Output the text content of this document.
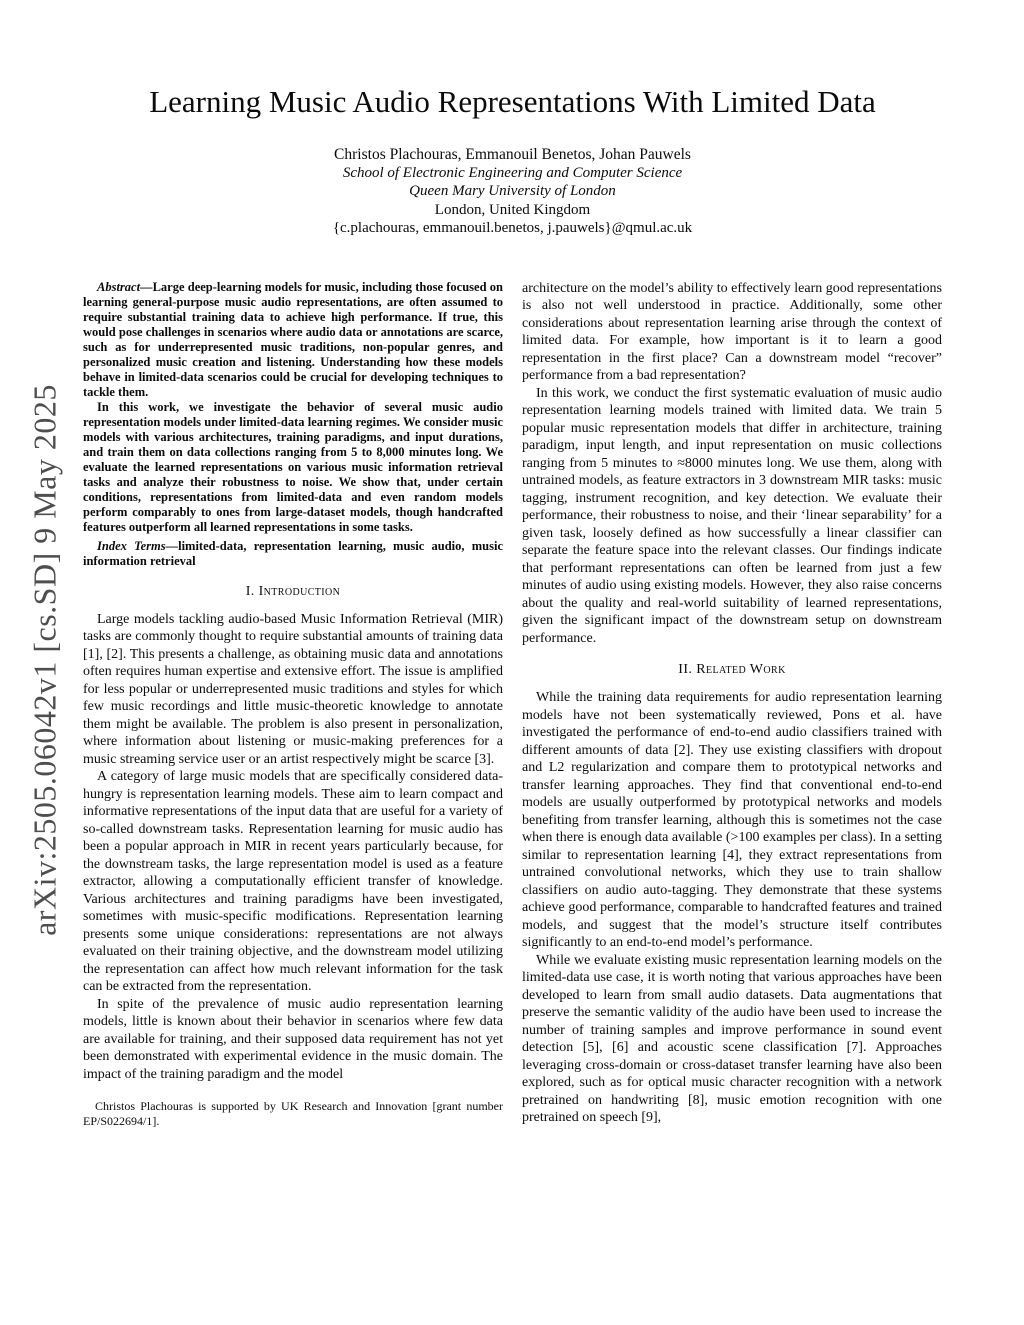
arXiv:2505.06042v1 [cs.SD] 9 May 2025
Learning Music Audio Representations With Limited Data
Christos Plachouras, Emmanouil Benetos, Johan Pauwels
School of Electronic Engineering and Computer Science
Queen Mary University of London
London, United Kingdom
{c.plachouras, emmanouil.benetos, j.pauwels}@qmul.ac.uk

Abstract—Large deep-learning models for music, including those focused on learning general-purpose music audio representations, are often assumed to require substantial training data to achieve high performance. If true, this would pose challenges in scenarios where audio data or annotations are scarce, such as for underrepresented music traditions, non-popular genres, and personalized music creation and listening. Understanding how these models behave in limited-data scenarios could be crucial for developing techniques to tackle them.

In this work, we investigate the behavior of several music audio representation models under limited-data learning regimes. We consider music models with various architectures, training paradigms, and input durations, and train them on data collections ranging from 5 to 8,000 minutes long. We evaluate the learned representations on various music information retrieval tasks and analyze their robustness to noise. We show that, under certain conditions, representations from limited-data and even random models perform comparably to ones from large-dataset models, though handcrafted features outperform all learned representations in some tasks.

Index Terms—limited-data, representation learning, music audio, music information retrieval

I. Introduction

Large models tackling audio-based Music Information Retrieval (MIR) tasks are commonly thought to require substantial amounts of training data [1], [2]. This presents a challenge, as obtaining music data and annotations often requires human expertise and extensive effort. The issue is amplified for less popular or underrepresented music traditions and styles for which few music recordings and little music-theoretic knowledge to annotate them might be available. The problem is also present in personalization, where information about listening or music-making preferences for a music streaming service user or an artist respectively might be scarce [3].

A category of large music models that are specifically considered data-hungry is representation learning models. These aim to learn compact and informative representations of the input data that are useful for a variety of so-called downstream tasks. Representation learning for music audio has been a popular approach in MIR in recent years particularly because, for the downstream tasks, the large representation model is used as a feature extractor, allowing a computationally efficient transfer of knowledge. Various architectures and training paradigms have been investigated, sometimes with music-specific modifications. Representation learning presents some unique considerations: representations are not always evaluated on their training objective, and the downstream model utilizing the representation can affect how much relevant information for the task can be extracted from the representation.

In spite of the prevalence of music audio representation learning models, little is known about their behavior in scenarios where few data are available for training, and their supposed data requirement has not yet been demonstrated with experimental evidence in the music domain. The impact of the training paradigm and the model

Christos Plachouras is supported by UK Research and Innovation [grant number EP/S022694/1].

architecture on the model’s ability to effectively learn good representations is also not well understood in practice. Additionally, some other considerations about representation learning arise through the context of limited data. For example, how important is it to learn a good representation in the first place? Can a downstream model “recover” performance from a bad representation?

In this work, we conduct the first systematic evaluation of music audio representation learning models trained with limited data. We train 5 popular music representation models that differ in architecture, training paradigm, input length, and input representation on music collections ranging from 5 minutes to ≈8000 minutes long. We use them, along with untrained models, as feature extractors in 3 downstream MIR tasks: music tagging, instrument recognition, and key detection. We evaluate their performance, their robustness to noise, and their ‘linear separability’ for a given task, loosely defined as how successfully a linear classifier can separate the feature space into the relevant classes. Our findings indicate that performant representations can often be learned from just a few minutes of audio using existing models. However, they also raise concerns about the quality and real-world suitability of learned representations, given the significant impact of the downstream setup on downstream performance.

II. Related Work

While the training data requirements for audio representation learning models have not been systematically reviewed, Pons et al. have investigated the performance of end-to-end audio classifiers trained with different amounts of data [2]. They use existing classifiers with dropout and L2 regularization and compare them to prototypical networks and transfer learning approaches. They find that conventional end-to-end models are usually outperformed by prototypical networks and models benefiting from transfer learning, although this is sometimes not the case when there is enough data available (>100 examples per class). In a setting similar to representation learning [4], they extract representations from untrained convolutional networks, which they use to train shallow classifiers on audio auto-tagging. They demonstrate that these systems achieve good performance, comparable to handcrafted features and trained models, and suggest that the model’s structure itself contributes significantly to an end-to-end model’s performance.

While we evaluate existing music representation learning models on the limited-data use case, it is worth noting that various approaches have been developed to learn from small audio datasets. Data augmentations that preserve the semantic validity of the audio have been used to increase the number of training samples and improve performance in sound event detection [5], [6] and acoustic scene classification [7]. Approaches leveraging cross-domain or cross-dataset transfer learning have also been explored, such as for optical music character recognition with a network pretrained on handwriting [8], music emotion recognition with one pretrained on speech [9],
